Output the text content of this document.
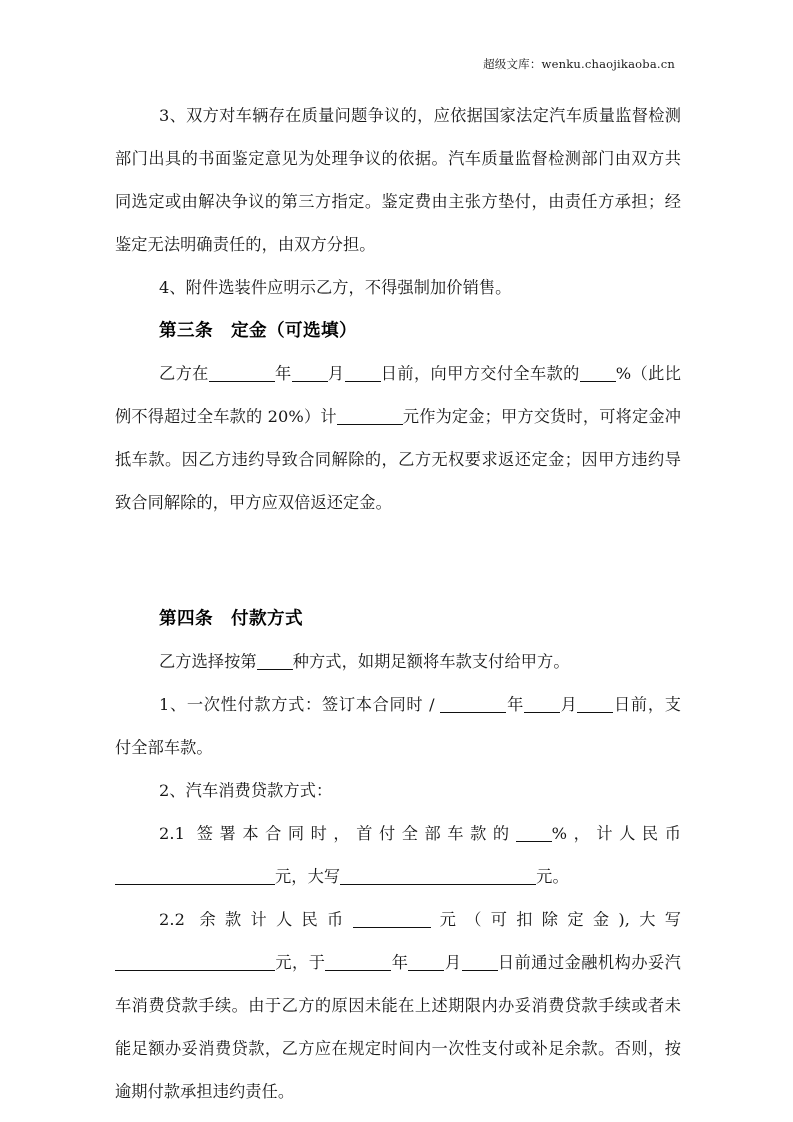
超级文库：wenku.chaojikaoba.cn

3、双方对车辆存在质量问题争议的，应依据国家法定汽车质量监督检测部门出具的书面鉴定意见为处理争议的依据。汽车质量监督检测部门由双方共同选定或由解决争议的第三方指定。鉴定费由主张方垫付，由责任方承担；经鉴定无法明确责任的，由双方分担。

4、附件选装件应明示乙方，不得强制加价销售。

第三条 定金（可选填）

乙方在	年 月 日前，向甲方交付全车款的 %（此比例不得超过全车款的 20%）计	元作为定金；甲方交货时，可将定金冲抵车款。因乙方违约导致合同解除的，乙方无权要求返还定金；因甲方违约导致合同解除的，甲方应双倍返还定金。

第四条 付款方式

乙方选择按第 种方式，如期足额将车款支付给甲方。

1、一次性付款方式：签订本合同时 /	年 月 日前，支付全部车款。

2、汽车消费贷款方式：

2.1 签署本合同时，首付全部车款的 %，计人民币元，大写	元。

2.2 余款计人民币	元（可扣除定金),大写元，于	年 月 日前通过金融机构办妥汽车消费贷款手续。由于乙方的原因未能在上述期限内办妥消费贷款手续或者未能足额办妥消费贷款，乙方应在规定时间内一次性支付或补足余款。否则，按逾期付款承担违约责任。
